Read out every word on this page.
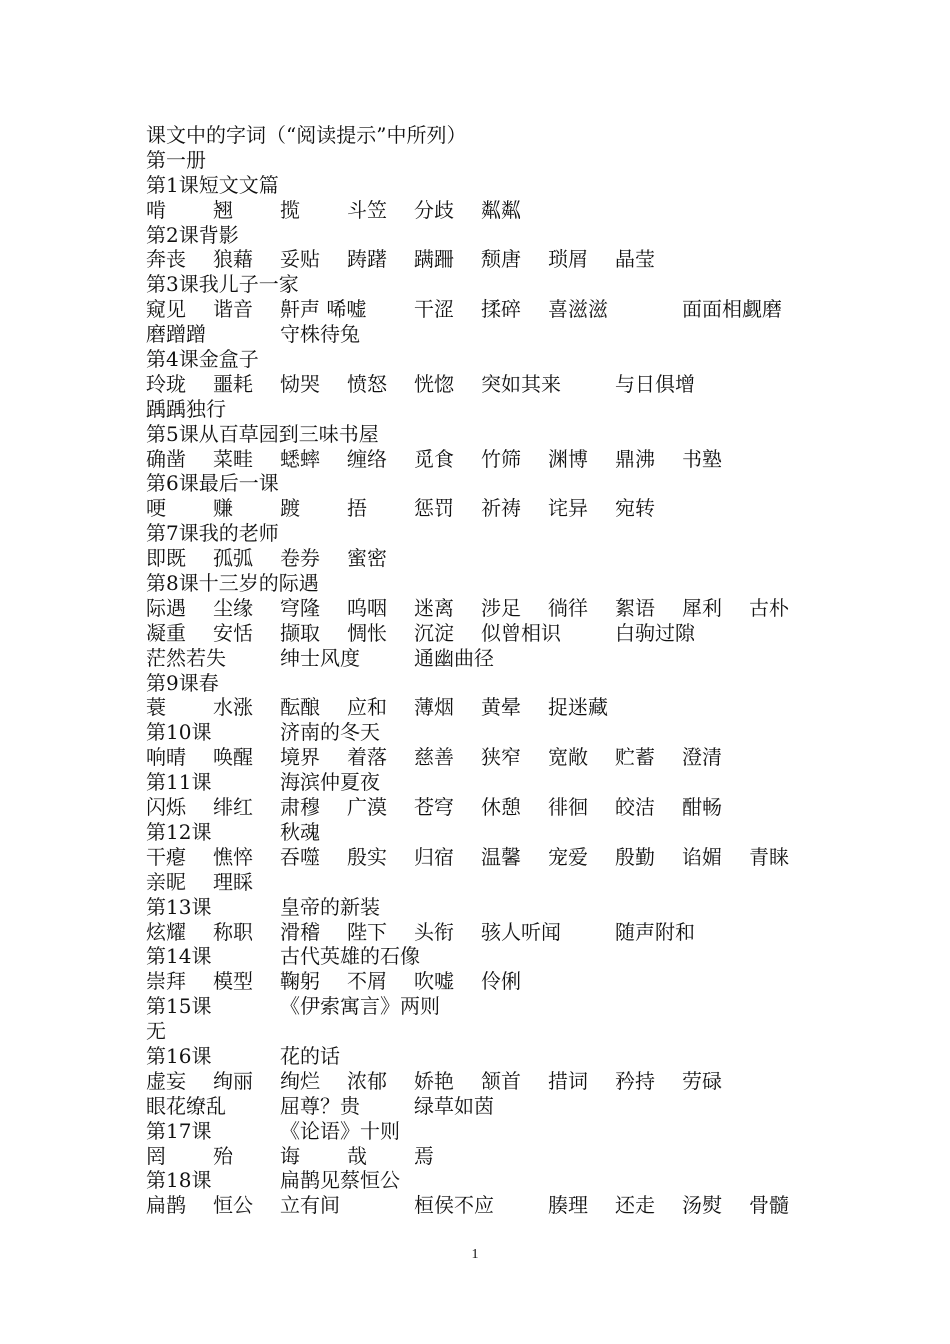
课文中的字词（“阅读提示”中所列）
第一册
第1课短文文篇
啃 翘 揽 斗笠 分歧 粼粼
第2课背影
奔丧 狼藉 妥贴 踌躇 蹒跚 颓唐 琐屑 晶莹
第3课我儿子一家
窥见 谐音 鼾声 唏嘘 干涩 揉碎 喜滋滋	面面相觑磨
磨蹭蹭	守株待兔
第4课金盒子
玲珑 噩耗 恸哭 愤怒 恍惚 突如其来	与日俱增
踽踽独行
第5课从百草园到三味书屋
确凿 菜畦 蟋蟀 缠络 觅食 竹筛 渊博 鼎沸 书塾
第6课最后一课
哽 赚 踱 捂 惩罚 祈祷 诧异 宛转
第7课我的老师
即既 孤弧 卷券 蜜密
第8课十三岁的际遇
际遇 尘缘 穹隆 呜咽 迷离 涉足 徜徉 絮语 犀利 古朴
凝重 安恬 撷取 惆怅 沉淀 似曾相识	白驹过隙
茫然若失	绅士风度	通幽曲径
第9课春
蓑 水涨 酝酿 应和 薄烟 黄晕 捉迷藏
第10课	济南的冬天
响晴 唤醒 境界 着落 慈善 狭窄 宽敞 贮蓄 澄清
第11课	海滨仲夏夜
闪烁 绯红 肃穆 广漠 苍穹 休憩 徘徊 皎洁 酣畅
第12课	秋魂
干瘪 憔悴 吞噬 殷实 归宿 温馨 宠爱 殷勤 谄媚 青睐
亲昵 理睬
第13课	皇帝的新装
炫耀 称职 滑稽 陛下 头衔 骇人听闻	随声附和
第14课	古代英雄的石像
崇拜 模型 鞠躬 不屑 吹嘘 伶俐
第15课	《伊索寓言》两则
无
第16课	花的话
虚妄 绚丽 绚烂 浓郁 娇艳 颔首 措词 矜持 劳碌
眼花缭乱	屈尊？贵	绿草如茵
第17课	《论语》十则
罔 殆 诲 哉 焉
第18课	扁鹊见蔡恒公
扁鹊 恒公 立有间	桓侯不应	腠理 还走 汤熨 骨髓
1
